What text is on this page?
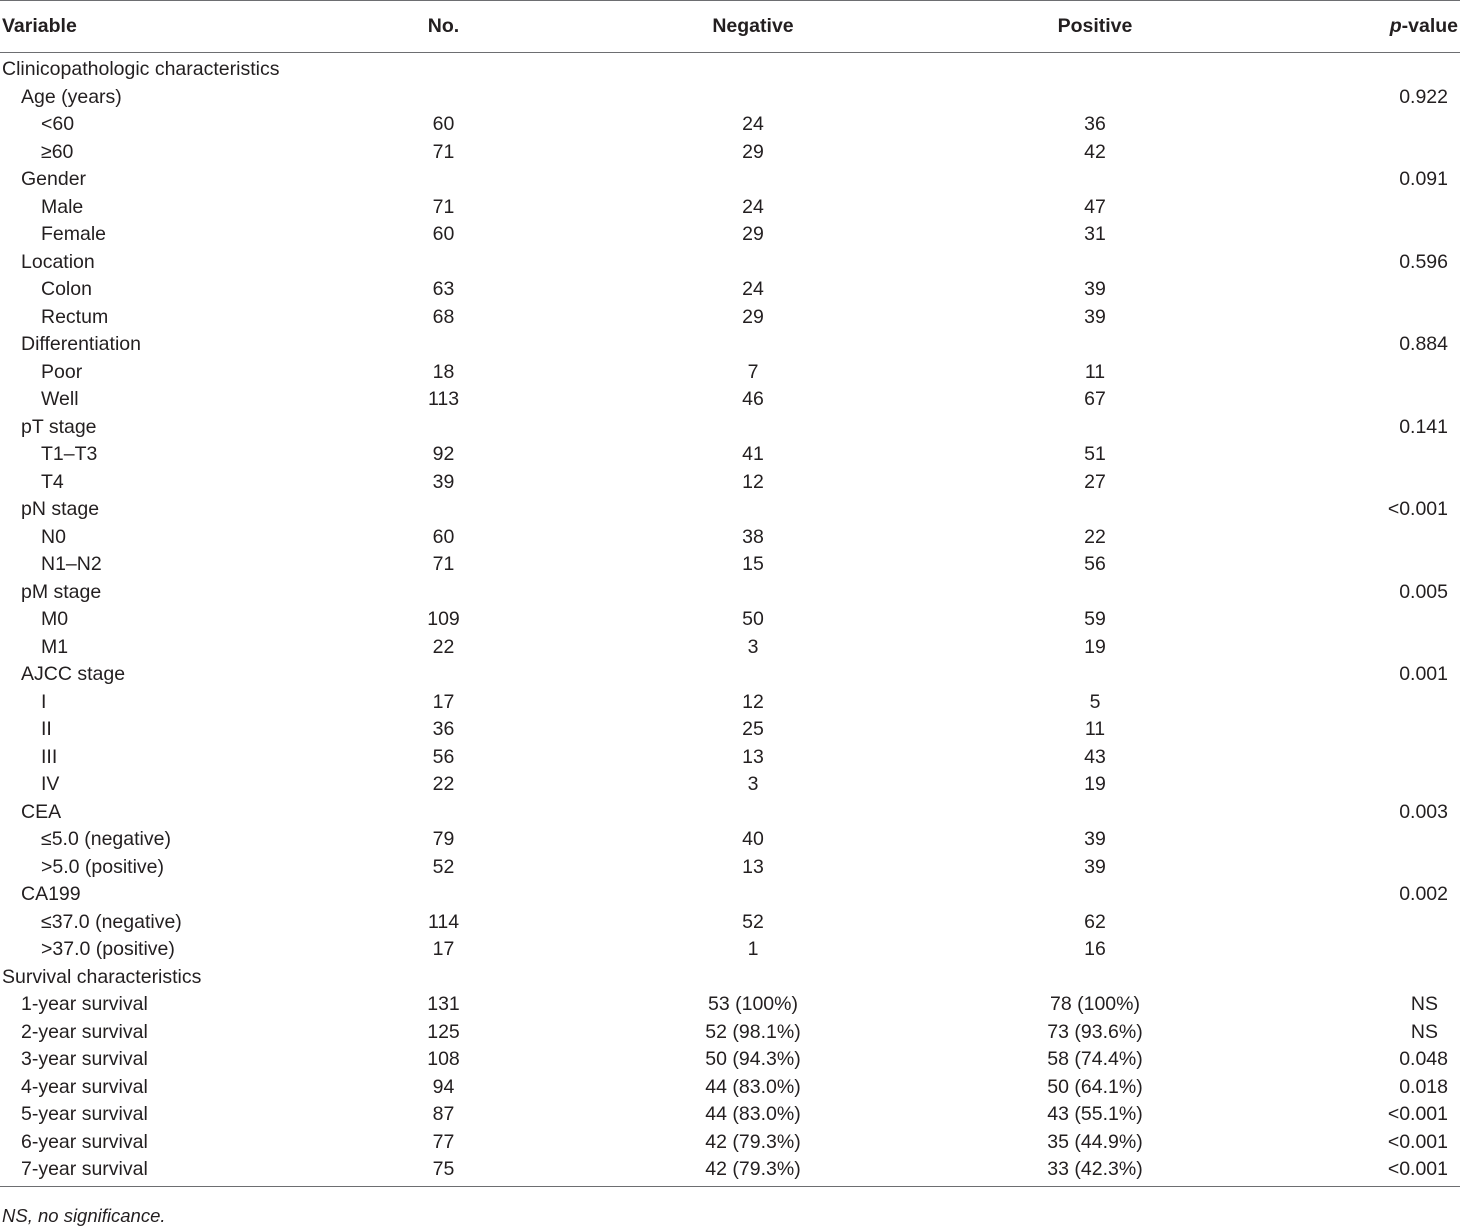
Variable	No.	Negative	Positive	p-value
Clinicopathologic characteristics				
Age (years)				0.922
<60	60	24	36	
≥60	71	29	42	
Gender				0.091
Male	71	24	47	
Female	60	29	31	
Location				0.596
Colon	63	24	39	
Rectum	68	29	39	
Differentiation				0.884
Poor	18	7	11	
Well	113	46	67	
pT stage				0.141
T1–T3	92	41	51	
T4	39	12	27	
pN stage				<0.001
N0	60	38	22	
N1–N2	71	15	56	
pM stage				0.005
M0	109	50	59	
M1	22	3	19	
AJCC stage				0.001
I	17	12	5	
II	36	25	11	
III	56	13	43	
IV	22	3	19	
CEA				0.003
≤5.0 (negative)	79	40	39	
>5.0 (positive)	52	13	39	
CA199				0.002
≤37.0 (negative)	114	52	62	
>37.0 (positive)	17	1	16	
Survival characteristics				
1-year survival	131	53 (100%)	78 (100%)	NS
2-year survival	125	52 (98.1%)	73 (93.6%)	NS
3-year survival	108	50 (94.3%)	58 (74.4%)	0.048
4-year survival	94	44 (83.0%)	50 (64.1%)	0.018
5-year survival	87	44 (83.0%)	43 (55.1%)	<0.001
6-year survival	77	42 (79.3%)	35 (44.9%)	<0.001
7-year survival	75	42 (79.3%)	33 (42.3%)	<0.001
NS, no significance.
